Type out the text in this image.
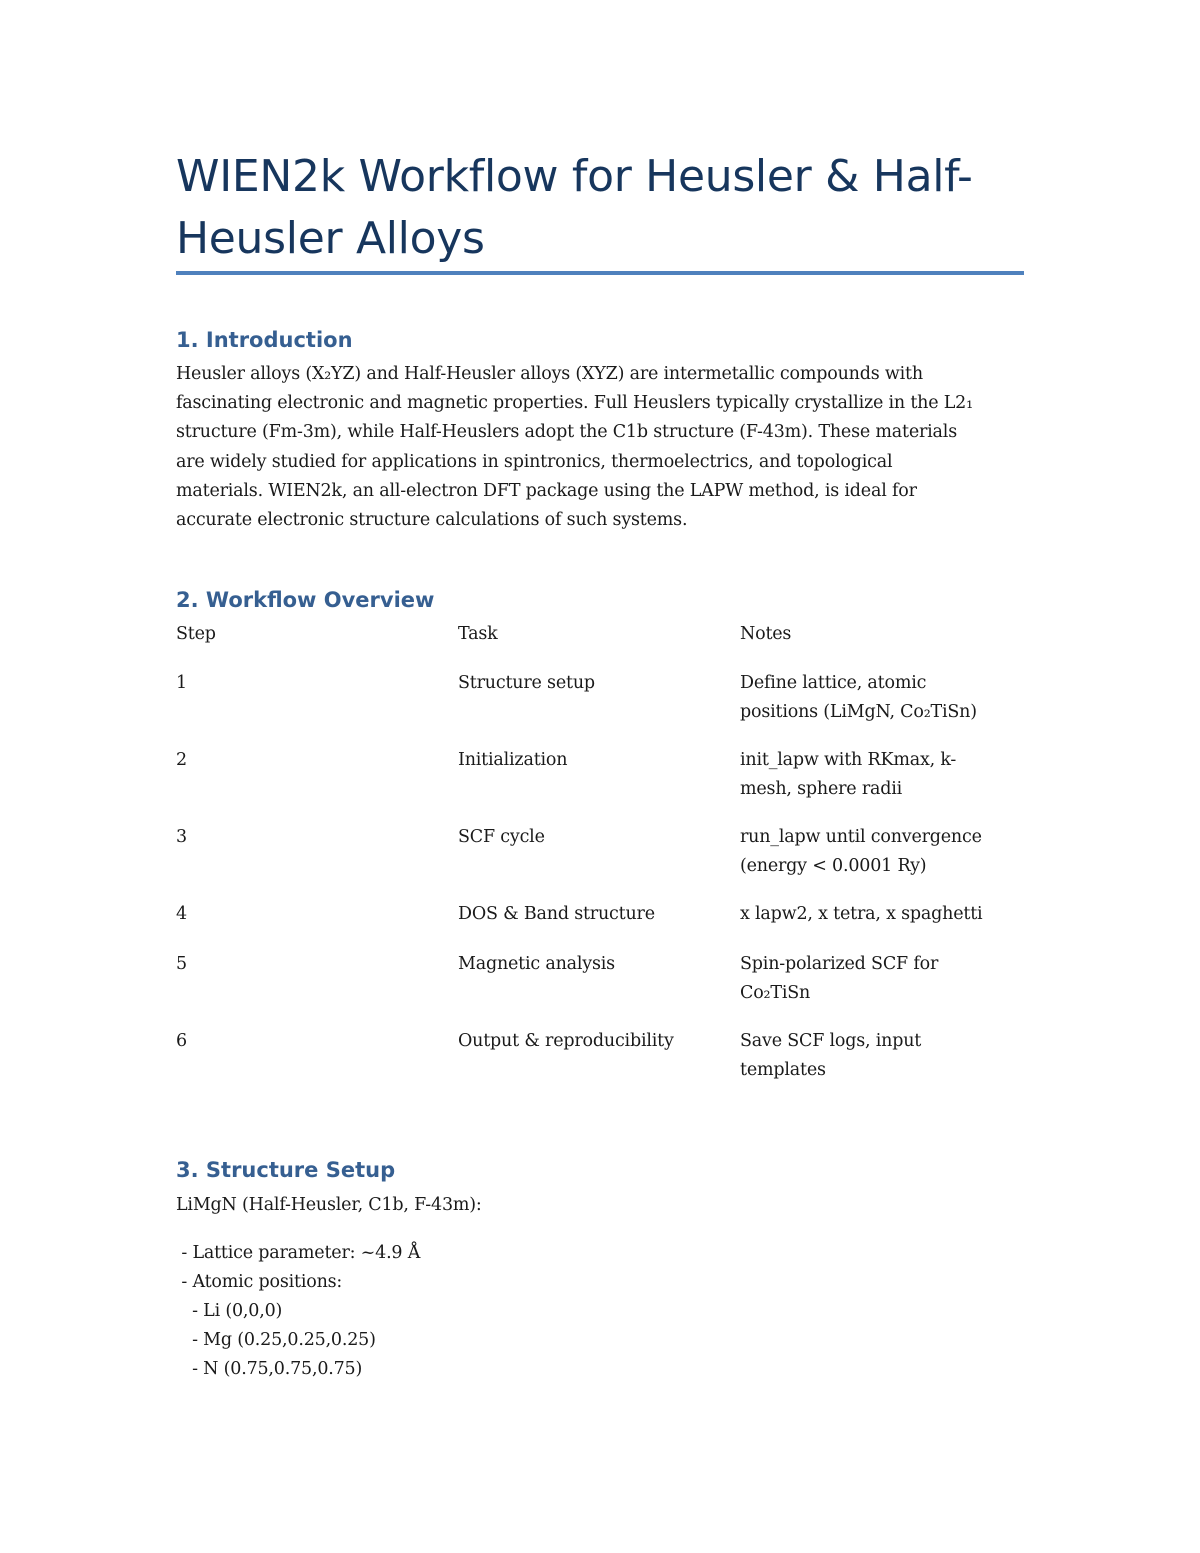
WIEN2k Workflow for Heusler & Half-
Heusler Alloys
1. Introduction

Heusler alloys (X₂YZ) and Half-Heusler alloys (XYZ) are intermetallic compounds with
fascinating electronic and magnetic properties. Full Heuslers typically crystallize in the L2₁
structure (Fm-3m), while Half-Heuslers adopt the C1b structure (F-43m). These materials
are widely studied for applications in spintronics, thermoelectrics, and topological
materials. WIEN2k, an all-electron DFT package using the LAPW method, is ideal for
accurate electronic structure calculations of such systems.

2. Workflow Overview
Step	Task	Notes
1	Structure setup	Define lattice, atomic
positions (LiMgN, Co₂TiSn)
2	Initialization	init_lapw with RKmax, k-
mesh, sphere radii
3	SCF cycle	run_lapw until convergence
(energy < 0.0001 Ry)
4	DOS & Band structure	x lapw2, x tetra, x spaghetti
5	Magnetic analysis	Spin-polarized SCF for
Co₂TiSn
6	Output & reproducibility	Save SCF logs, input
templates
3. Structure Setup

LiMgN (Half-Heusler, C1b, F-43m):

- Lattice parameter: ~4.9 Å
- Atomic positions:
- Li (0,0,0)
- Mg (0.25,0.25,0.25)
- N (0.75,0.75,0.75)
